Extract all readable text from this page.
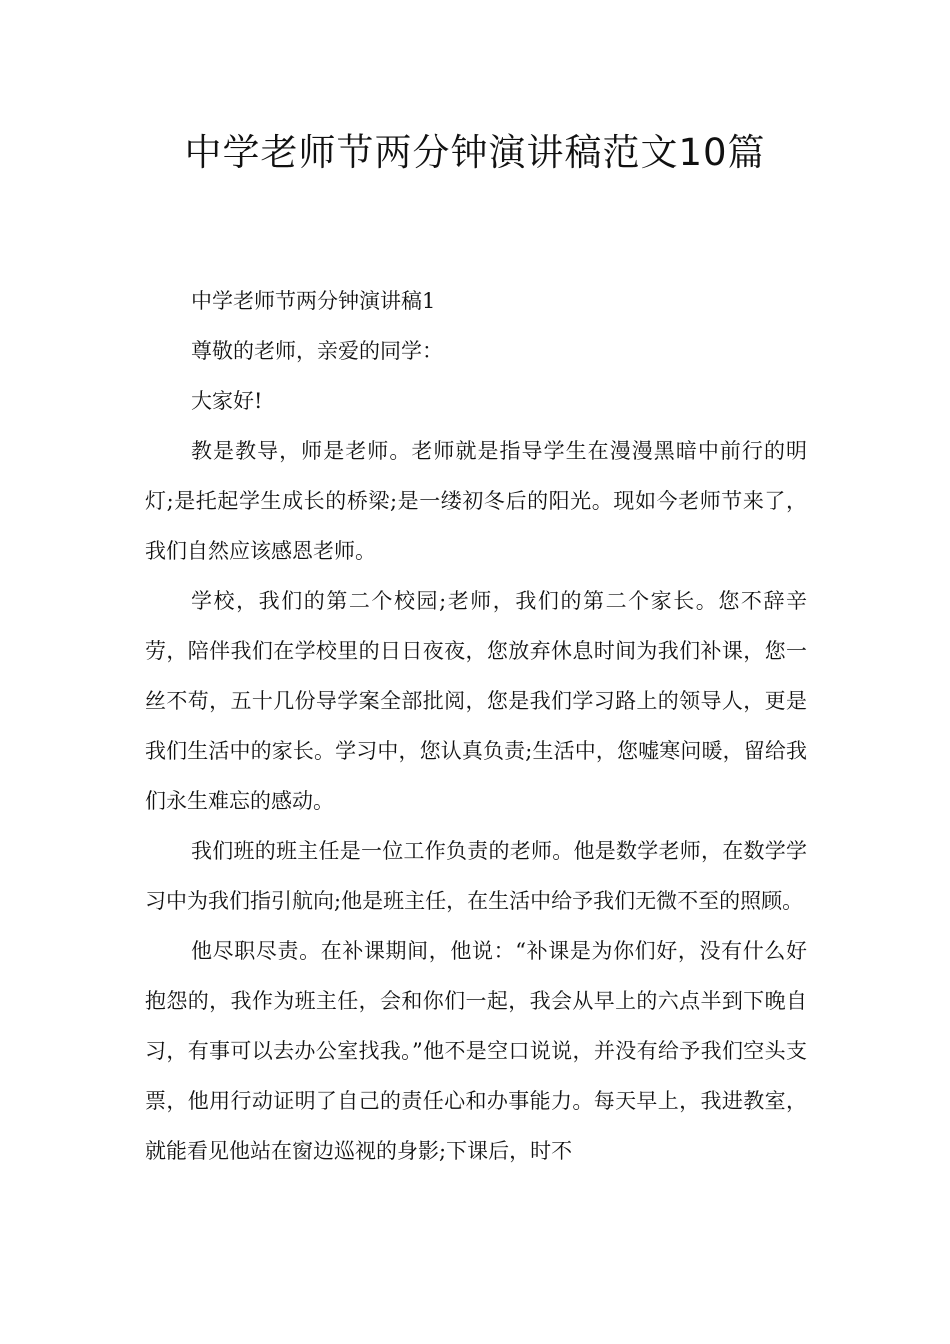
中学老师节两分钟演讲稿范文10篇

中学老师节两分钟演讲稿1

尊敬的老师，亲爱的同学：

大家好!

教是教导，师是老师。老师就是指导学生在漫漫黑暗中前行的明灯;是托起学生成长的桥梁;是一缕初冬后的阳光。现如今老师节来了，我们自然应该感恩老师。

学校，我们的第二个校园;老师，我们的第二个家长。您不辞辛劳，陪伴我们在学校里的日日夜夜，您放弃休息时间为我们补课，您一丝不苟，五十几份导学案全部批阅，您是我们学习路上的领导人，更是我们生活中的家长。学习中，您认真负责;生活中，您嘘寒问暖，留给我们永生难忘的感动。

我们班的班主任是一位工作负责的老师。他是数学老师，在数学学习中为我们指引航向;他是班主任，在生活中给予我们无微不至的照顾。

他尽职尽责。在补课期间，他说：“补课是为你们好，没有什么好抱怨的，我作为班主任，会和你们一起，我会从早上的六点半到下晚自习，有事可以去办公室找我。”他不是空口说说，并没有给予我们空头支票，他用行动证明了自己的责任心和办事能力。每天早上，我进教室，就能看见他站在窗边巡视的身影;下课后，时不
